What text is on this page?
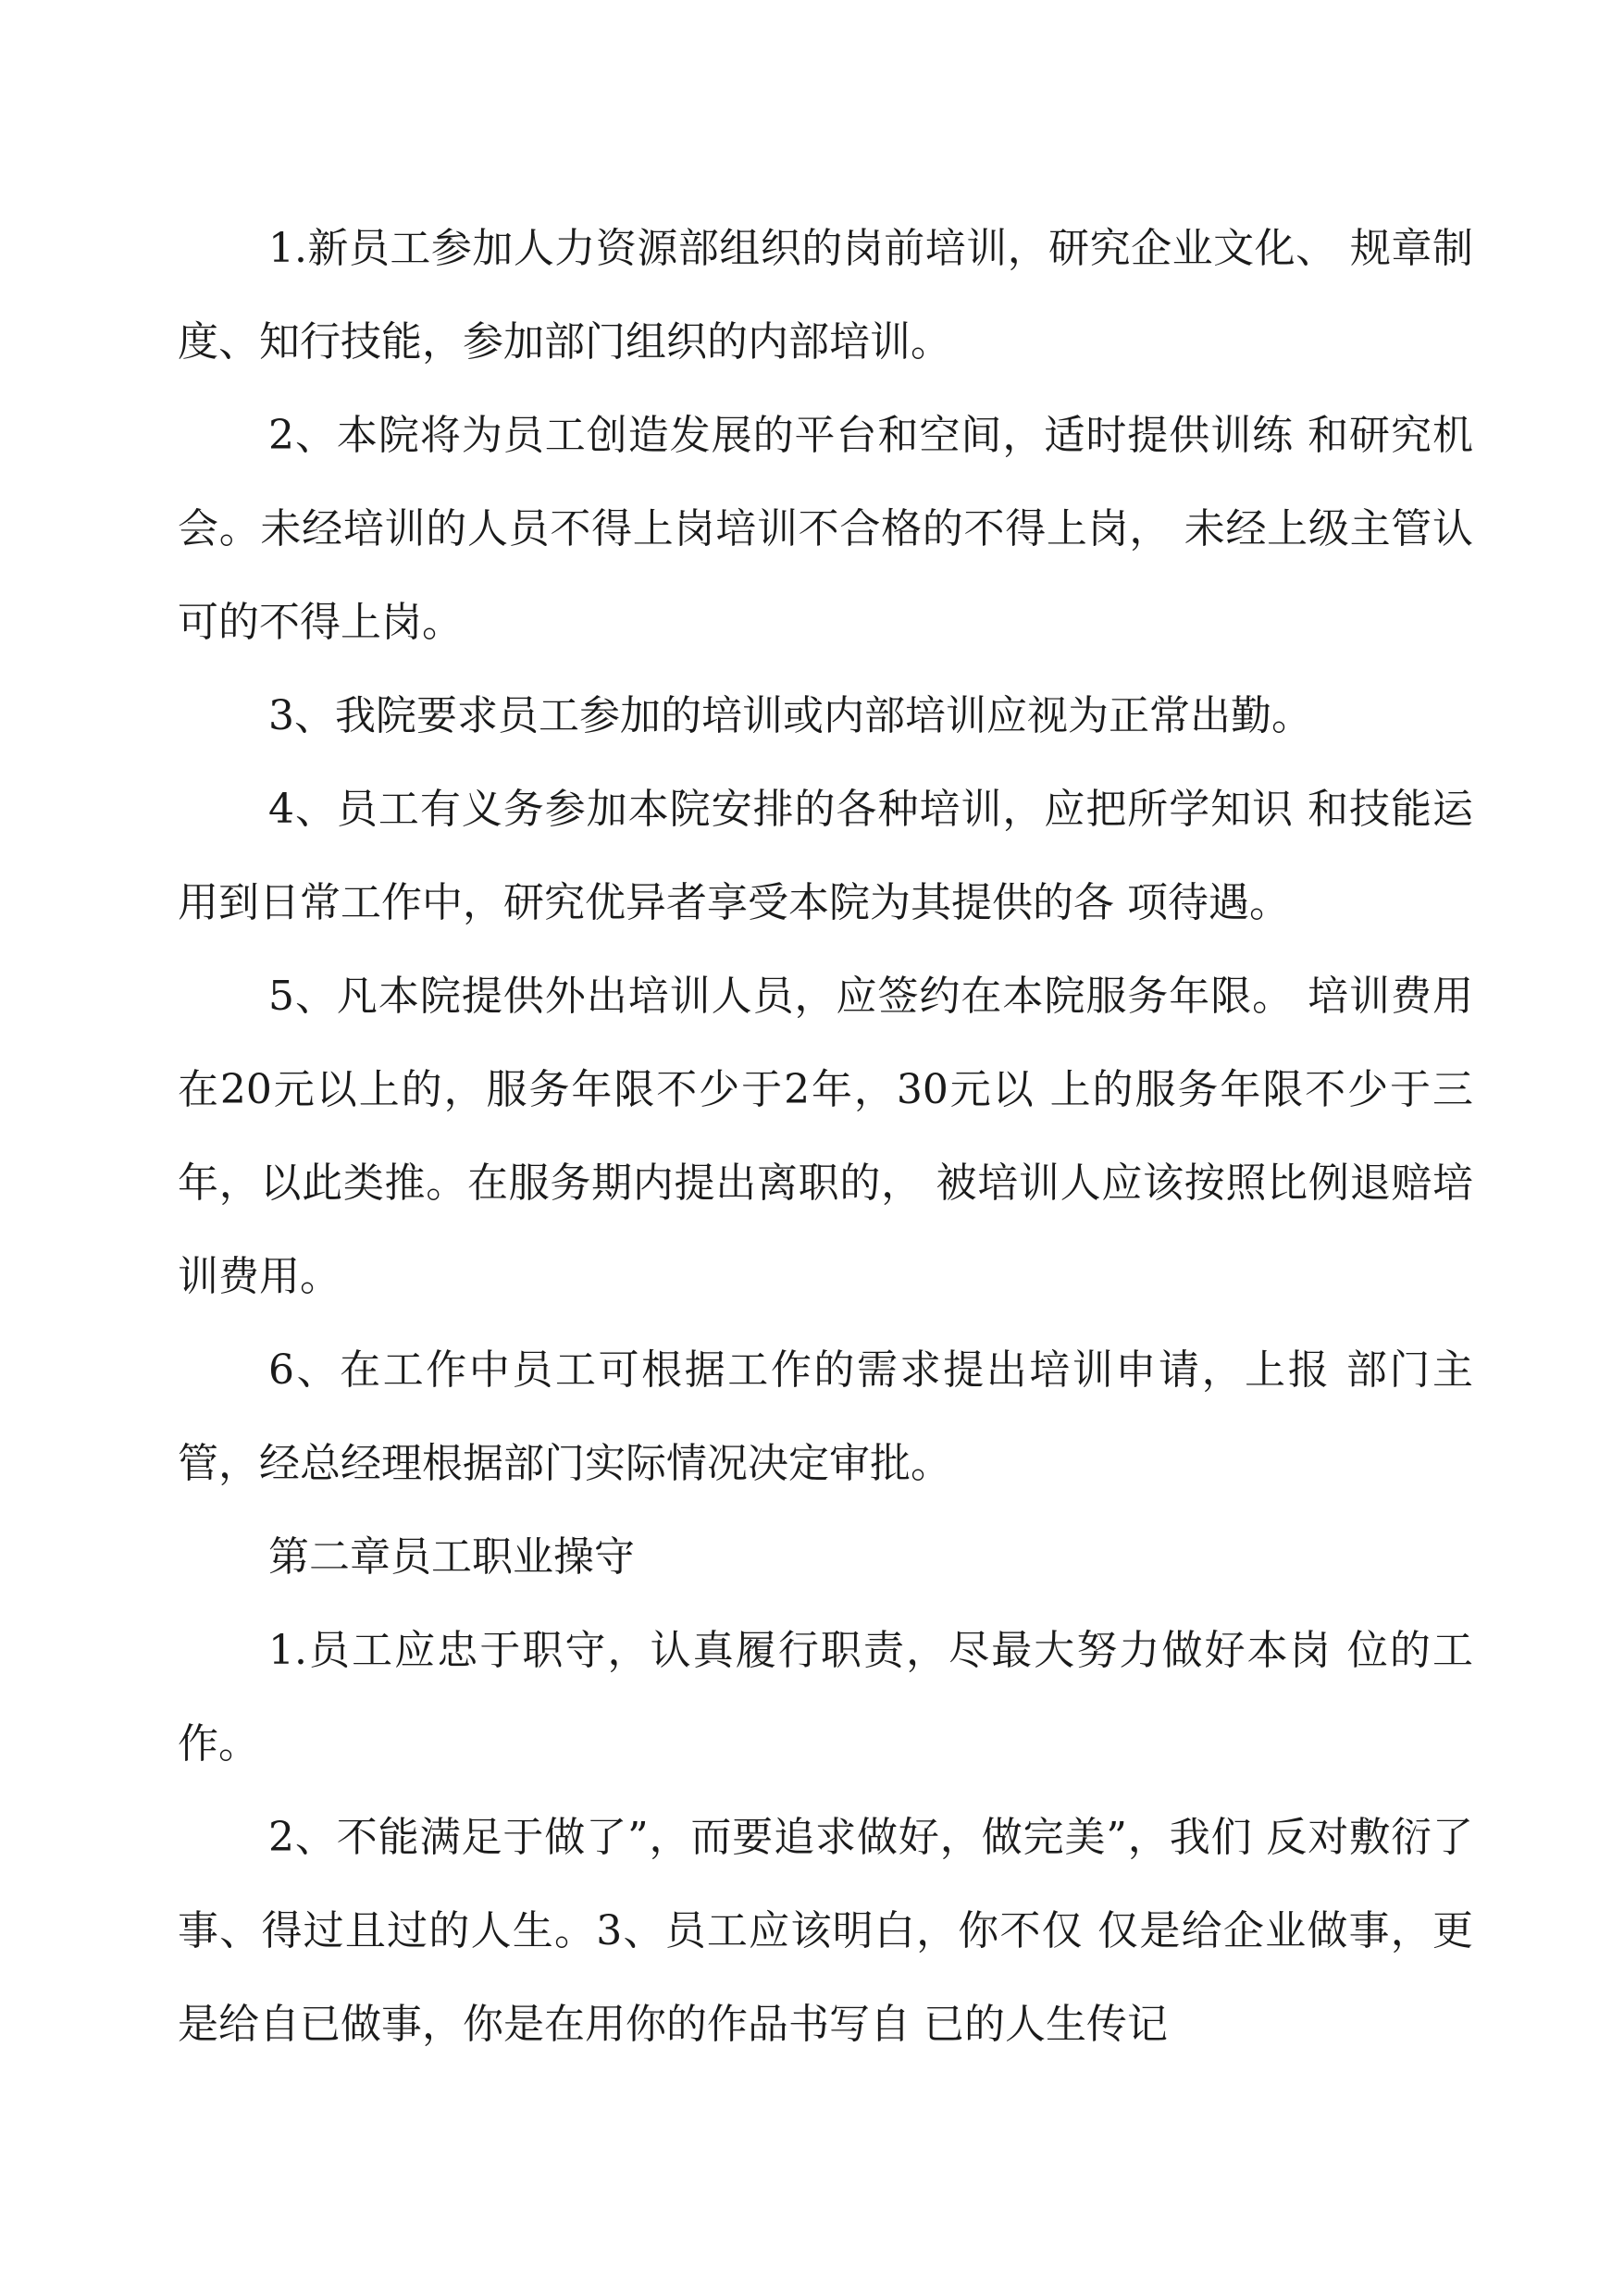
1.新员工参加人力资源部组织的岗前培训，研究企业文化、 规章制度、知行技能，参加部门组织的内部培训。

2、本院将为员工创造发展的平台和空间，适时提供训练 和研究机会。未经培训的人员不得上岗培训不合格的不得上岗， 未经上级主管认可的不得上岗。

3、我院要求员工参加的培训或内部培训应视为正常出勤。

4、员工有义务参加本院安排的各种培训，应把所学知识 和技能运用到日常工作中，研究优异者享受本院为其提供的各 项待遇。

5、凡本院提供外出培训人员，应签约在本院服务年限。 培训费用在20元以上的，服务年限不少于2年，30元以 上的服务年限不少于三年，以此类推。在服务期内提出离职的， 被培训人应该按照比例退赔培训费用。

6、在工作中员工可根据工作的需求提出培训申请，上报 部门主管，经总经理根据部门实际情况决定审批。

第二章员工职业操守

1.员工应忠于职守，认真履行职责，尽最大努力做好本岗 位的工作。

2、不能满足于做了”，而要追求做好，做完美”，我们 反对敷衍了事、得过且过的人生。3、员工应该明白，你不仅 仅是给企业做事，更是给自已做事，你是在用你的作品书写自 已的人生传记
